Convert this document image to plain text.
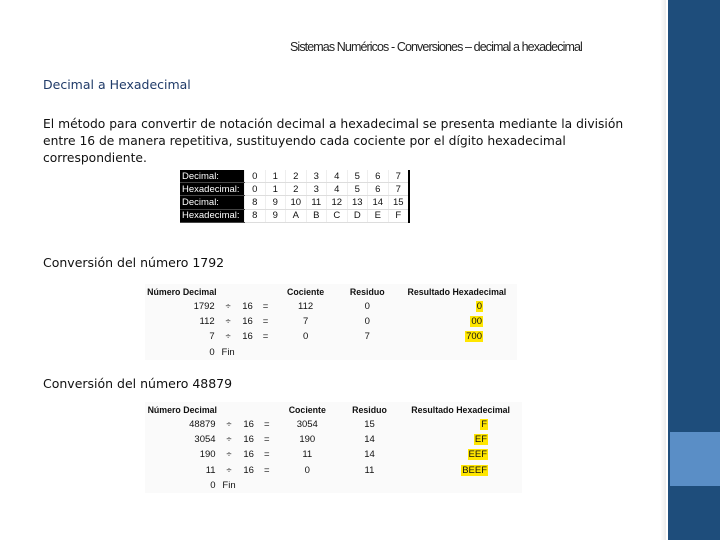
Sistemas Numéricos - Conversiones – decimal a hexadecimal
Decimal a Hexadecimal
El método para convertir de notación decimal a hexadecimal se presenta mediante la división entre 16 de manera repetitiva, sustituyendo cada cociente por el dígito hexadecimal correspondiente.
Decimal:	0	1	2	3	4	5	6	7
Hexadecimal:	0	1	2	3	4	5	6	7
Decimal:	8	9	10	11	12	13	14	15
Hexadecimal:	8	9	A	B	C	D	E	F
Conversión del número 1792
Número Decimal				Cociente	Residuo	Resultado Hexadecimal
1792	÷	16	=	112	0	0
112	÷	16	=	7	0	00
7	÷	16	=	0	7	700
0	Fin					
Conversión del número 48879
Número Decimal				Cociente	Residuo	Resultado Hexadecimal
48879	÷	16	=	3054	15	F
3054	÷	16	=	190	14	EF
190	÷	16	=	11	14	EEF
11	÷	16	=	0	11	BEEF
0	Fin					
